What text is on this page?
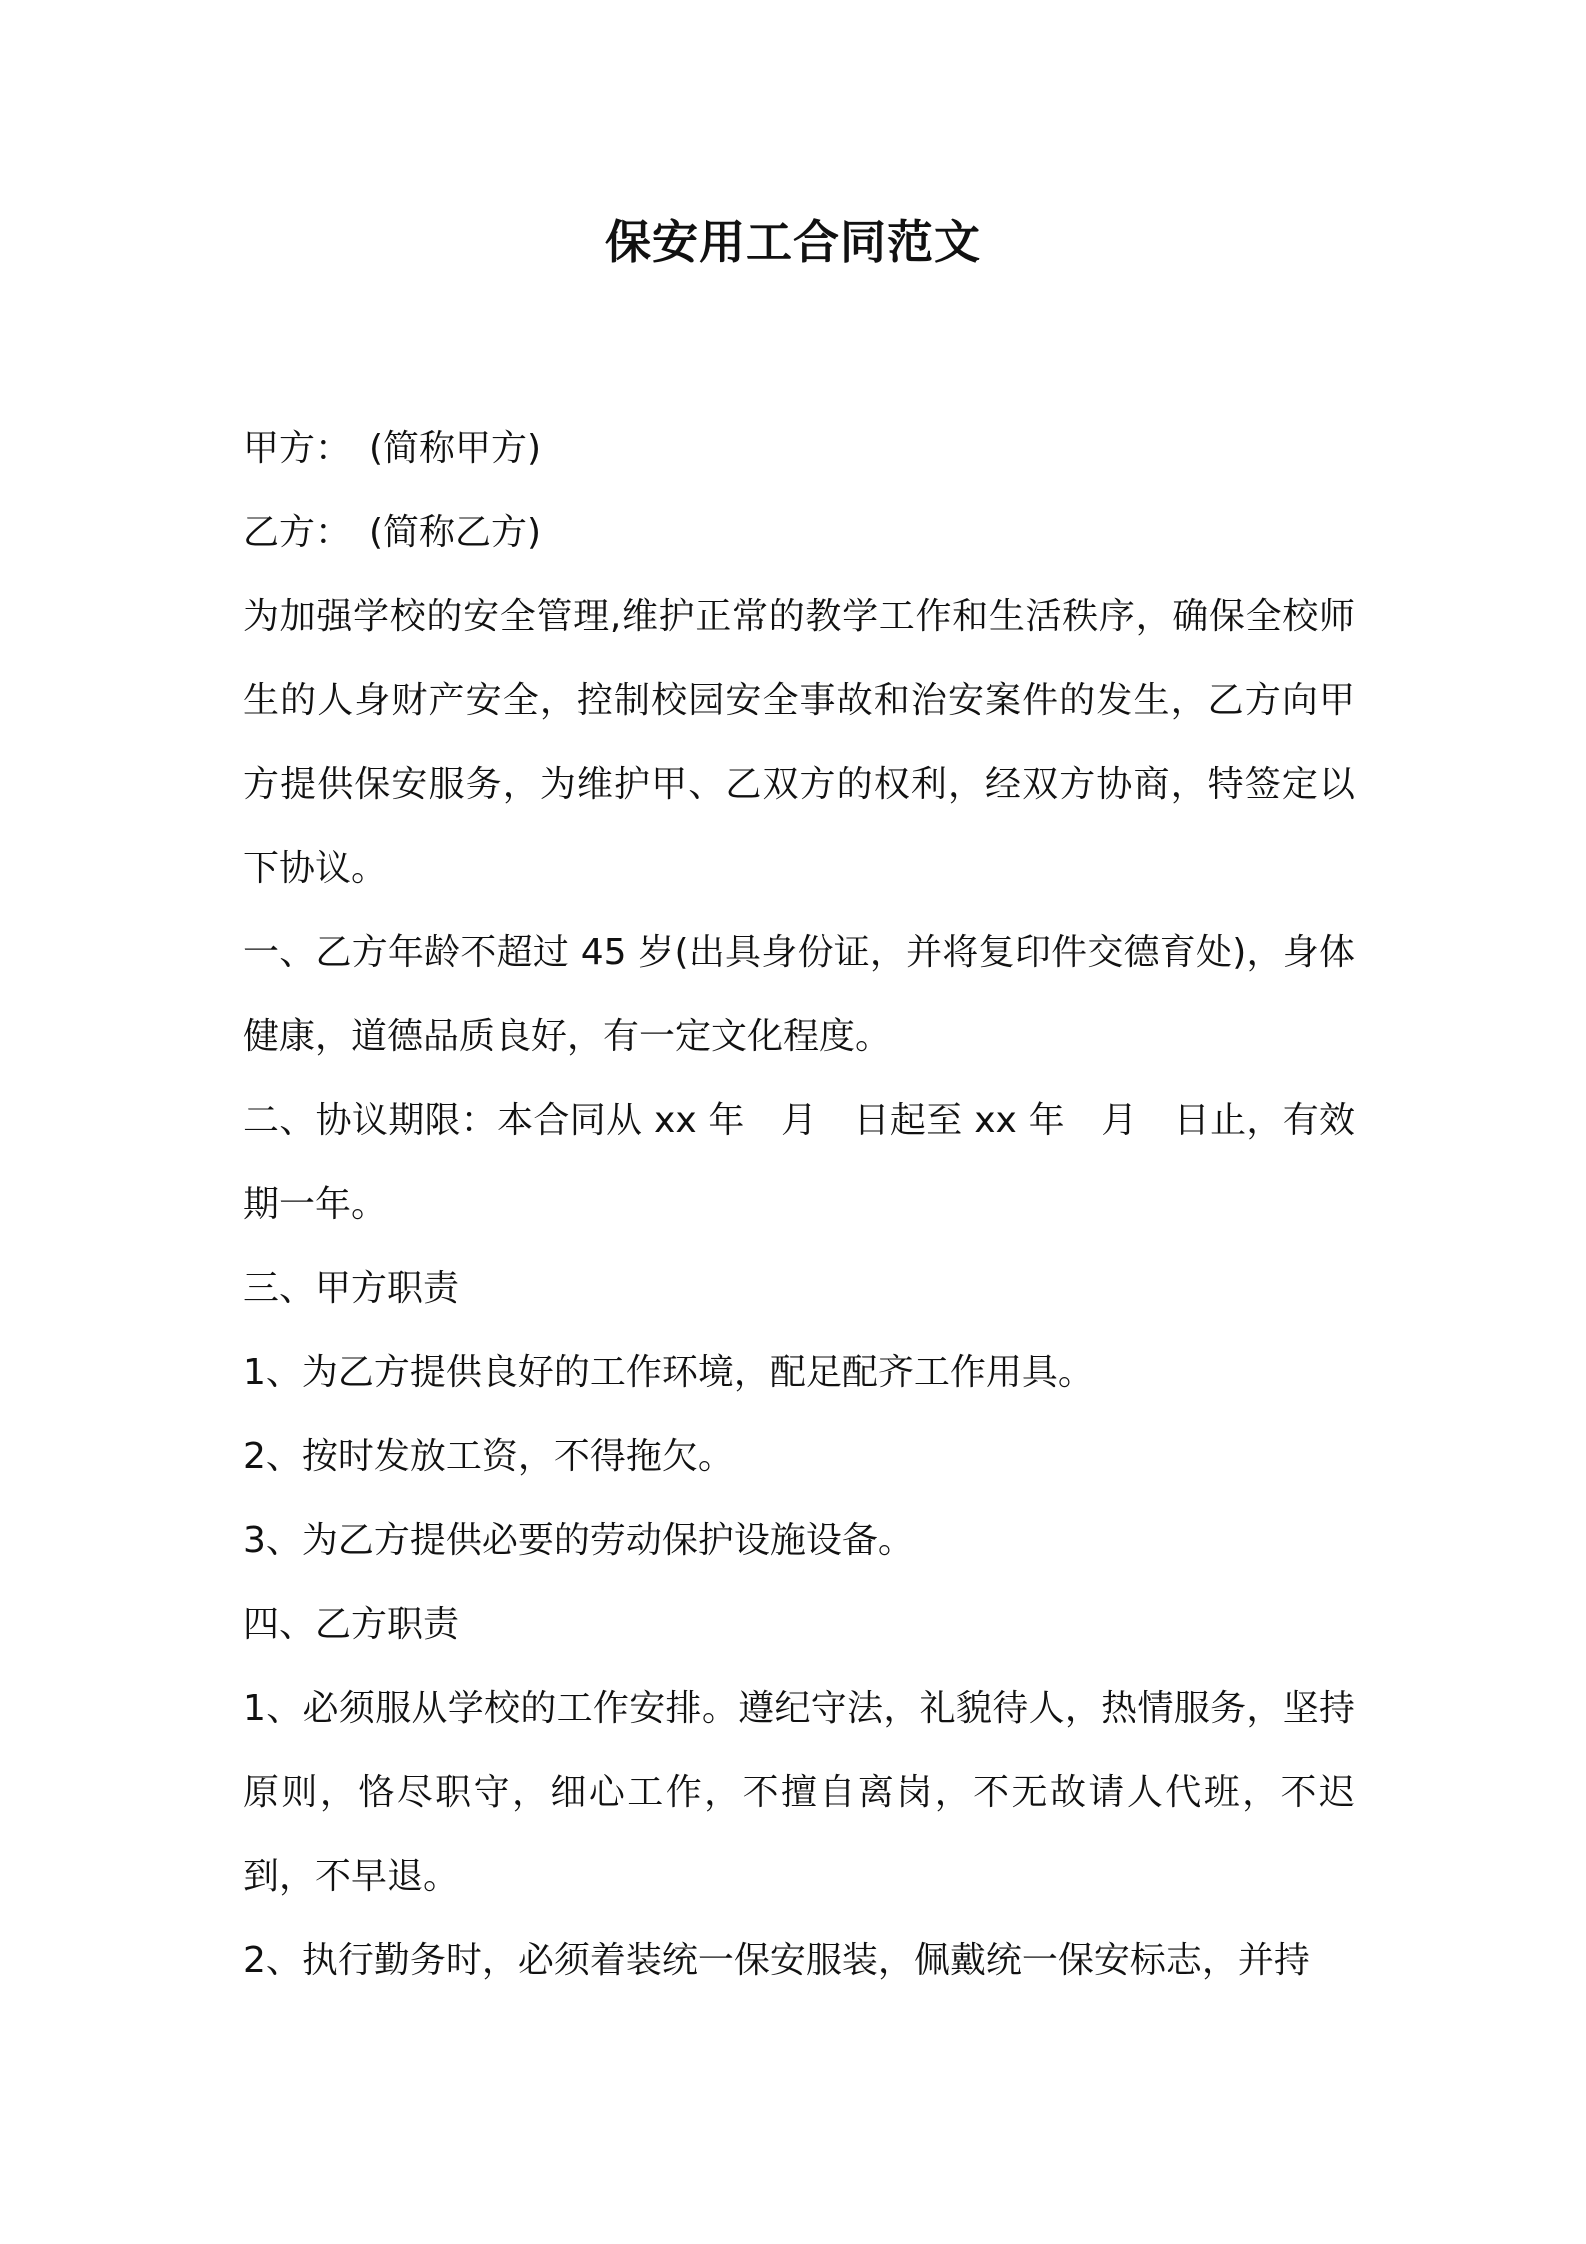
保安用工合同范文

甲方：　(简称甲方)

乙方：　(简称乙方)

为加强学校的安全管理,维护正常的教学工作和生活秩序，确保全校师生的人身财产安全，控制校园安全事故和治安案件的发生，乙方向甲方提供保安服务，为维护甲、乙双方的权利，经双方协商，特签定以下协议。

一、乙方年龄不超过 45 岁(出具身份证，并将复印件交德育处)，身体健康，道德品质良好，有一定文化程度。

二、协议期限：本合同从 xx 年　月　日起至 xx 年　月　日止，有效期一年。

三、甲方职责

1、为乙方提供良好的工作环境，配足配齐工作用具。

2、按时发放工资，不得拖欠。

3、为乙方提供必要的劳动保护设施设备。

四、乙方职责

1、必须服从学校的工作安排。遵纪守法，礼貌待人，热情服务，坚持原则，恪尽职守，细心工作，不擅自离岗，不无故请人代班，不迟到，不早退。

2、执行勤务时，必须着装统一保安服装，佩戴统一保安标志，并持
